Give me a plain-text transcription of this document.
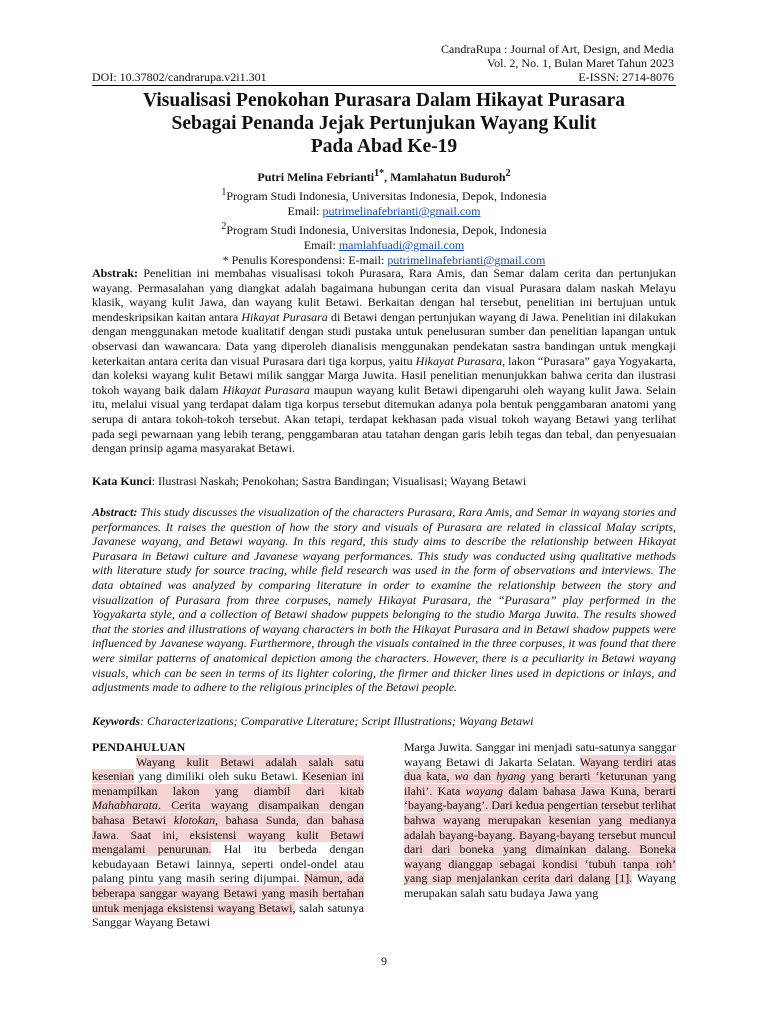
CandraRupa : Journal of Art, Design, and Media
Vol. 2, No. 1, Bulan Maret Tahun 2023
E-ISSN: 2714-8076
DOI: 10.37802/candrarupa.v2i1.301
Visualisasi Penokohan Purasara Dalam Hikayat Purasara
Sebagai Penanda Jejak Pertunjukan Wayang Kulit
Pada Abad Ke-19
Putri Melina Febrianti$^{1*}$, Mamlahatun Buduroh$^2$
$^1$Program Studi Indonesia, Universitas Indonesia, Depok, Indonesia
Email: putrimelinafebrianti@gmail.com
$^2$Program Studi Indonesia, Universitas Indonesia, Depok, Indonesia
Email: mamlahfuadi@gmail.com
* Penulis Korespondensi: E-mail: putrimelinafebrianti@gmail.com
Abstrak: Penelitian ini membahas visualisasi tokoh Purasara, Rara Amis, dan Semar dalam cerita dan pertunjukan wayang. Permasalahan yang diangkat adalah bagaimana hubungan cerita dan visual Purasara dalam naskah Melayu klasik, wayang kulit Jawa, dan wayang kulit Betawi. Berkaitan dengan hal tersebut, penelitian ini bertujuan untuk mendeskripsikan kaitan antara Hikayat Purasara di Betawi dengan pertunjukan wayang di Jawa. Penelitian ini dilakukan dengan menggunakan metode kualitatif dengan studi pustaka untuk penelusuran sumber dan penelitian lapangan untuk observasi dan wawancara. Data yang diperoleh dianalisis menggunakan pendekatan sastra bandingan untuk mengkaji keterkaitan antara cerita dan visual Purasara dari tiga korpus, yaitu Hikayat Purasara, lakon “Purasara” gaya Yogyakarta, dan koleksi wayang kulit Betawi milik sanggar Marga Juwita. Hasil penelitian menunjukkan bahwa cerita dan ilustrasi tokoh wayang baik dalam Hikayat Purasara maupun wayang kulit Betawi dipengaruhi oleh wayang kulit Jawa. Selain itu, melalui visual yang terdapat dalam tiga korpus tersebut ditemukan adanya pola bentuk penggambaran anatomi yang serupa di antara tokoh-tokoh tersebut. Akan tetapi, terdapat kekhasan pada visual tokoh wayang Betawi yang terlihat pada segi pewarnaan yang lebih terang, penggambaran atau tatahan dengan garis lebih tegas dan tebal, dan penyesuaian dengan prinsip agama masyarakat Betawi.
Kata Kunci: Ilustrasi Naskah; Penokohan; Sastra Bandingan; Visualisasi; Wayang Betawi
Abstract: This study discusses the visualization of the characters Purasara, Rara Amis, and Semar in wayang stories and performances. It raises the question of how the story and visuals of Purasara are related in classical Malay scripts, Javanese wayang, and Betawi wayang. In this regard, this study aims to describe the relationship between Hikayat Purasara in Betawi culture and Javanese wayang performances. This study was conducted using qualitative methods with literature study for source tracing, while field research was used in the form of observations and interviews. The data obtained was analyzed by comparing literature in order to examine the relationship between the story and visualization of Purasara from three corpuses, namely Hikayat Purasara, the “Purasara” play performed in the Yogyakarta style, and a collection of Betawi shadow puppets belonging to the studio Marga Juwita. The results showed that the stories and illustrations of wayang characters in both the Hikayat Purasara and in Betawi shadow puppets were influenced by Javanese wayang. Furthermore, through the visuals contained in the three corpuses, it was found that there were similar patterns of anatomical depiction among the characters. However, there is a peculiarity in Betawi wayang visuals, which can be seen in terms of its lighter coloring, the firmer and thicker lines used in depictions or inlays, and adjustments made to adhere to the religious principles of the Betawi people.
Keywords: Characterizations; Comparative Literature; Script Illustrations; Wayang Betawi
PENDAHULUAN

Wayang kulit Betawi adalah salah satu kesenian yang dimiliki oleh suku Betawi. Kesenian ini menampilkan lakon yang diambil dari kitab Mahabharata. Cerita wayang disampaikan dengan bahasa Betawi klotokan, bahasa Sunda, dan bahasa Jawa. Saat ini, eksistensi wayang kulit Betawi mengalami penurunan. Hal itu berbeda dengan kebudayaan Betawi lainnya, seperti ondel-ondel atau palang pintu yang masih sering dijumpai. Namun, ada beberapa sanggar wayang Betawi yang masih bertahan untuk menjaga eksistensi wayang Betawi, salah satunya Sanggar Wayang Betawi

Marga Juwita. Sanggar ini menjadi satu-satunya sanggar wayang Betawi di Jakarta Selatan. Wayang terdiri atas dua kata, wa dan hyang yang berarti ‘keturunan yang ilahi’. Kata wayang dalam bahasa Jawa Kuna, berarti ‘bayang-bayang’. Dari kedua pengertian tersebut terlihat bahwa wayang merupakan kesenian yang medianya adalah bayang-bayang. Bayang-bayang tersebut muncul dari dari boneka yang dimainkan dalang. Boneka wayang dianggap sebagai kondisi ‘tubuh tanpa roh’ yang siap menjalankan cerita dari dalang [1]. Wayang merupakan salah satu budaya Jawa yang

9
